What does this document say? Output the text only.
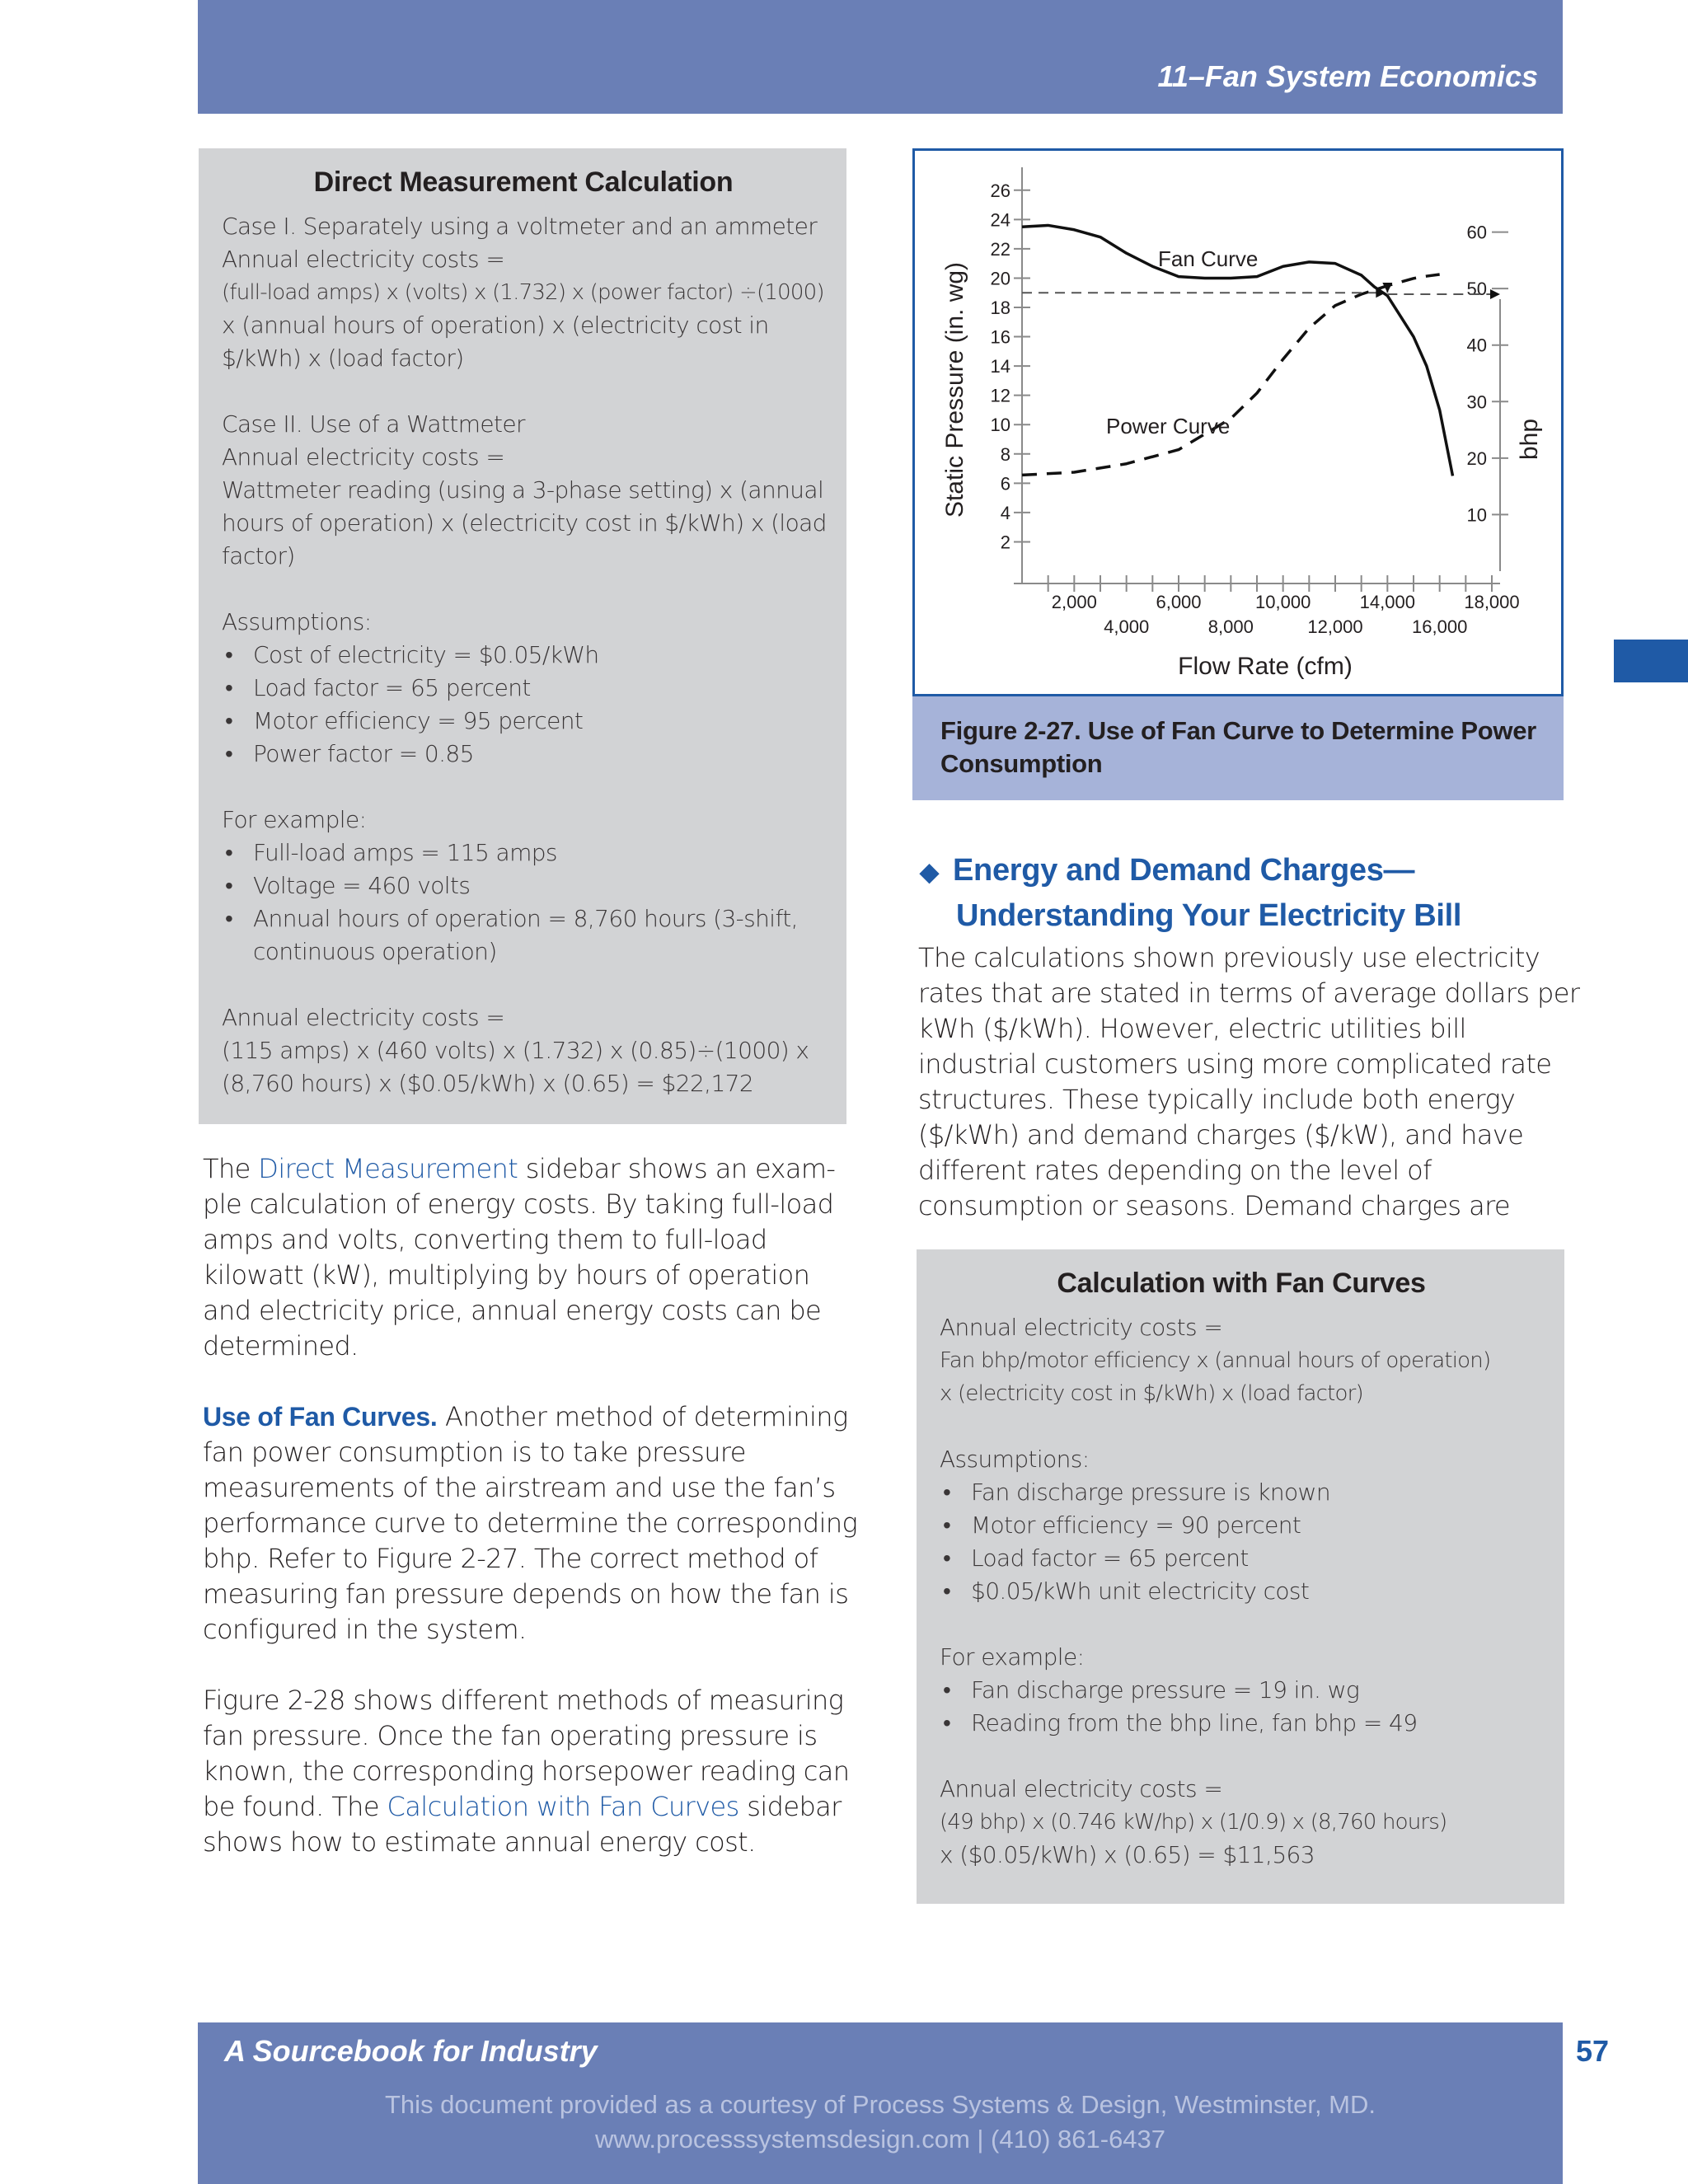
11–Fan System Economics
Direct Measurement Calculation
Case I. Separately using a voltmeter and an ammeter
Annual electricity costs =
(full-load amps) x (volts) x (1.732) x (power factor) ÷(1000)
x (annual hours of operation) x (electricity cost in
$/kWh) x (load factor)
Case II. Use of a Wattmeter
Annual electricity costs =
Wattmeter reading (using a 3-phase setting) x (annual
hours of operation) x (electricity cost in $/kWh) x (load
factor)
Assumptions:
• Cost of electricity = $0.05/kWh
• Load factor = 65 percent
• Motor efficiency = 95 percent
• Power factor = 0.85
For example:
• Full-load amps = 115 amps
• Voltage = 460 volts
• Annual hours of operation = 8,760 hours (3-shift,
continuous operation)
Annual electricity costs =
(115 amps) x (460 volts) x (1.732) x (0.85)÷(1000) x
(8,760 hours) x ($0.05/kWh) x (0.65) = $22,172

The Direct Measurement sidebar shows an exam-

ple calculation of energy costs. By taking full-load

amps and volts, converting them to full-load

kilowatt (kW), multiplying by hours of operation

and electricity price, annual energy costs can be

determined.

Use of Fan Curves. Another method of determining

fan power consumption is to take pressure

measurements of the airstream and use the fan’s

performance curve to determine the corresponding

bhp. Refer to Figure 2-27. The correct method of

measuring fan pressure depends on how the fan is

configured in the system.

Figure 2-28 shows different methods of measuring

fan pressure. Once the fan operating pressure is

known, the corresponding horsepower reading can

be found. The Calculation with Fan Curves sidebar

shows how to estimate annual energy cost.

2
4
6
8
10
12
14
16
18
20
22
24
26
2,000
4,000
6,000
8,000
10,000
12,000
14,000
16,000
18,000
10
20
30
40
50
60
Fan Curve
Power Curve
Flow Rate (cfm)
Static Pressure (in. wg)	bhp
Figure 2-27. Use of Fan Curve to Determine Power
Consumption
◆ Energy and Demand Charges—
Understanding Your Electricity Bill

The calculations shown previously use electricity

rates that are stated in terms of average dollars per

kWh ($/kWh). However, electric utilities bill

industrial customers using more complicated rate

structures. These typically include both energy

($/kWh) and demand charges ($/kW), and have

different rates depending on the level of

consumption or seasons. Demand charges are

Calculation with Fan Curves
Annual electricity costs =
Fan bhp/motor efficiency x (annual hours of operation)
x (electricity cost in $/kWh) x (load factor)
Assumptions:
• Fan discharge pressure is known
• Motor efficiency = 90 percent
• Load factor = 65 percent
• $0.05/kWh unit electricity cost
For example:
• Fan discharge pressure = 19 in. wg
• Reading from the bhp line, fan bhp = 49
Annual electricity costs =
(49 bhp) x (0.746 kW/hp) x (1/0.9) x (8,760 hours)
x ($0.05/kWh) x (0.65) = $11,563
A Sourcebook for Industry	57
This document provided as a courtesy of Process Systems & Design, Westminster, MD.
www.processsystemsdesign.com | (410) 861-6437
